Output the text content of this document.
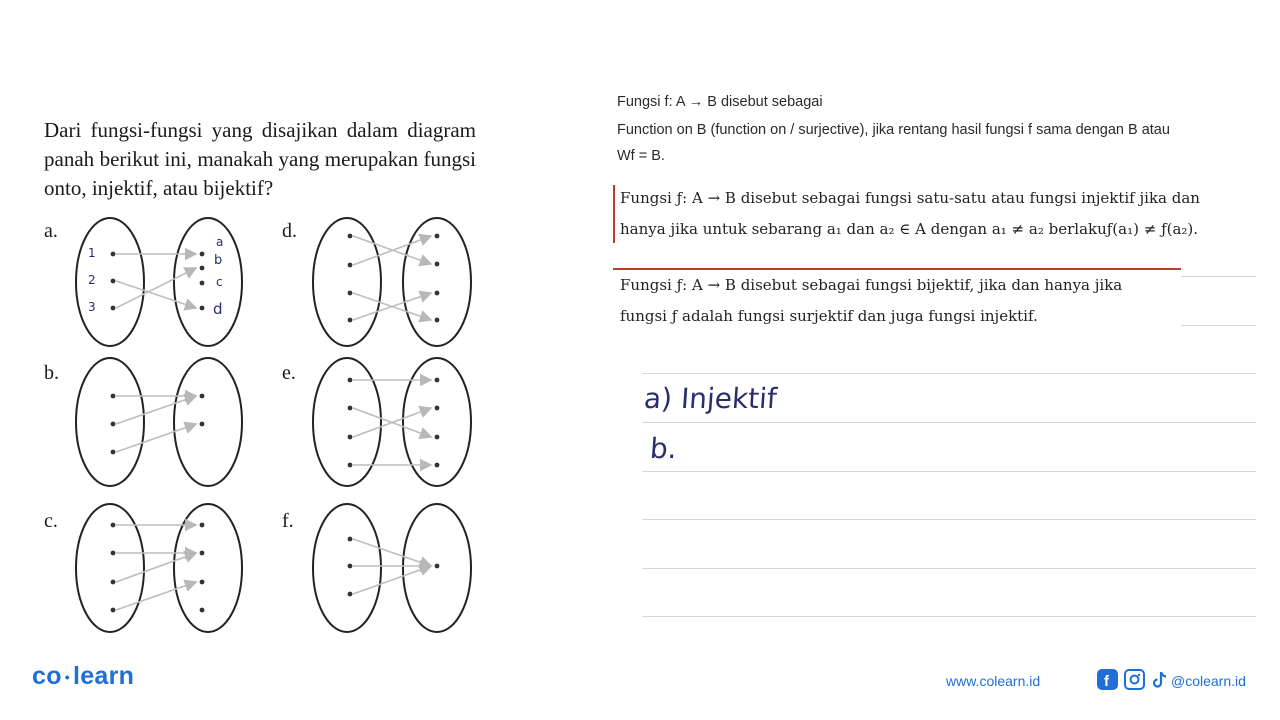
Dari fungsi-fungsi yang disajikan dalam diagram panah berikut ini, manakah yang merupakan fungsi onto, injektif, atau bijektif?
a.
b.
c.
d.
e.
f.
1
2
3
a
b
c
d
Fungsi f: A → B disebut sebagai
Function on B (function on / surjective), jika rentang hasil fungsi f sama dengan B atau
Wf = B.
Fungsi ƒ: A → B disebut sebagai fungsi satu-satu atau fungsi injektif jika dan
hanya jika untuk sebarang a₁ dan a₂ ∈ A dengan a₁ ≠ a₂ berlakuƒ(a₁) ≠ ƒ(a₂).
Fungsi ƒ: A → B disebut sebagai fungsi bijektif, jika dan hanya jika
fungsi ƒ adalah fungsi surjektif dan juga fungsi injektif.
a) Injektif
b.
co • learn	www.colearn.id	f	@colearn.id
